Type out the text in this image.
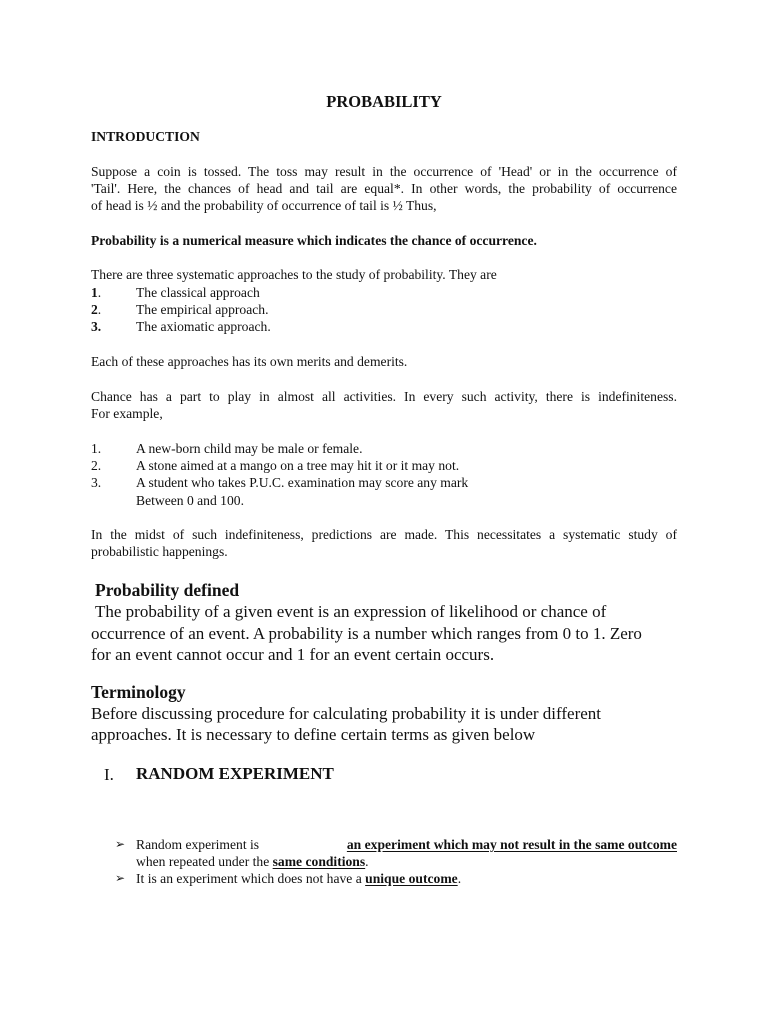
PROBABILITY
INTRODUCTION
Suppose a coin is tossed. The toss may result in the occurrence of 'Head' or in the occurrence of
'Tail'. Here, the chances of head and tail are equal*. In other words, the probability of occurrence
of head is ½ and the probability of occurrence of tail is ½ Thus,
Probability is a numerical measure which indicates the chance of occurrence.
There are three systematic approaches to the study of probability. They are
1.	The classical approach
2.	The empirical approach.
3.	The axiomatic approach.
Each of these approaches has its own merits and demerits.
Chance has a part to play in almost all activities. In every such activity, there is indefiniteness.
For example,
1.	A new-born child may be male or female.
2.	A stone aimed at a mango on a tree may hit it or it may not.
3.	A student who takes P.U.C. examination may score any mark
Between 0 and 100.
In the midst of such indefiniteness, predictions are made. This necessitates a systematic study of
probabilistic happenings.
Probability defined
The probability of a given event is an expression of likelihood or chance of
occurrence of an event. A probability is a number which ranges from 0 to 1. Zero
for an event cannot occur and 1 for an event certain occurs.
Terminology
Before discussing procedure for calculating probability it is under different
approaches. It is necessary to define certain terms as given below
I. RANDOM EXPERIMENT
➢ Random experiment is	an experiment which may not result in the same outcome
when repeated under the same conditions.
➢ It is an experiment which does not have a unique outcome.
